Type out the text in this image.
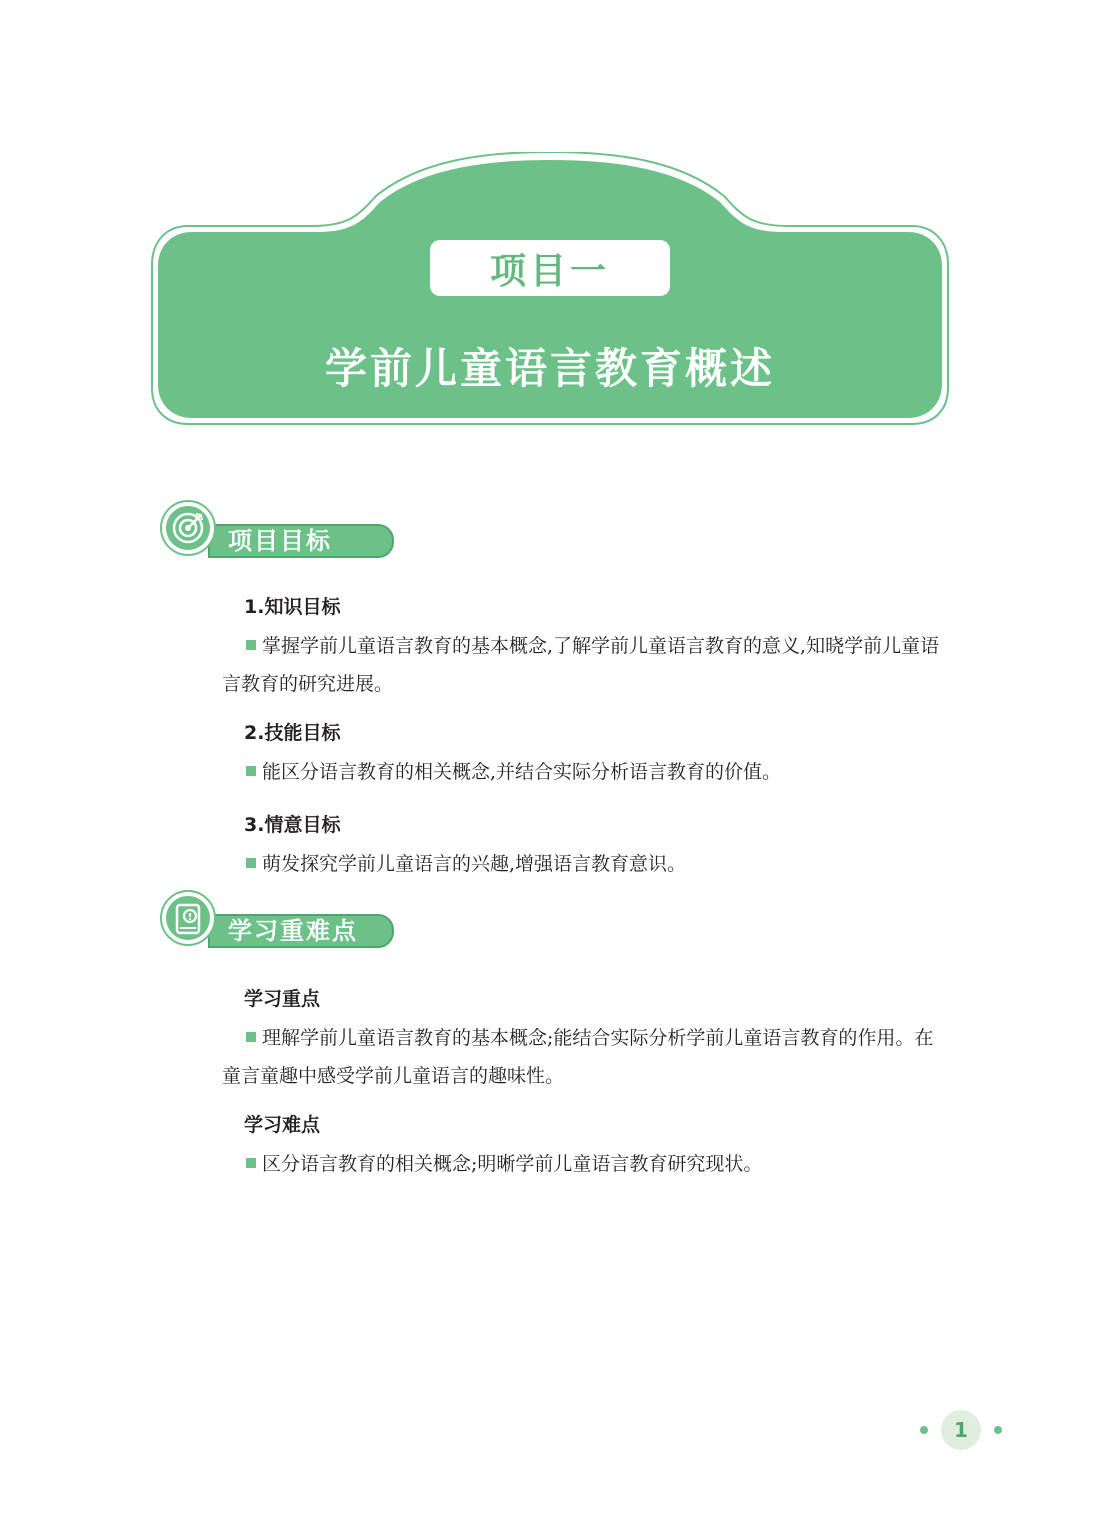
项目一
学前儿童语言教育概述
项目目标
1.知识目标
掌握学前儿童语言教育的基本概念,了解学前儿童语言教育的意义,知晓学前儿童语言教育的研究进展。
2.技能目标
能区分语言教育的相关概念,并结合实际分析语言教育的价值。
3.情意目标
萌发探究学前儿童语言的兴趣,增强语言教育意识。
学习重难点
学习重点
理解学前儿童语言教育的基本概念;能结合实际分析学前儿童语言教育的作用。在童言童趣中感受学前儿童语言的趣味性。
学习难点
区分语言教育的相关概念;明晰学前儿童语言教育研究现状。
1
